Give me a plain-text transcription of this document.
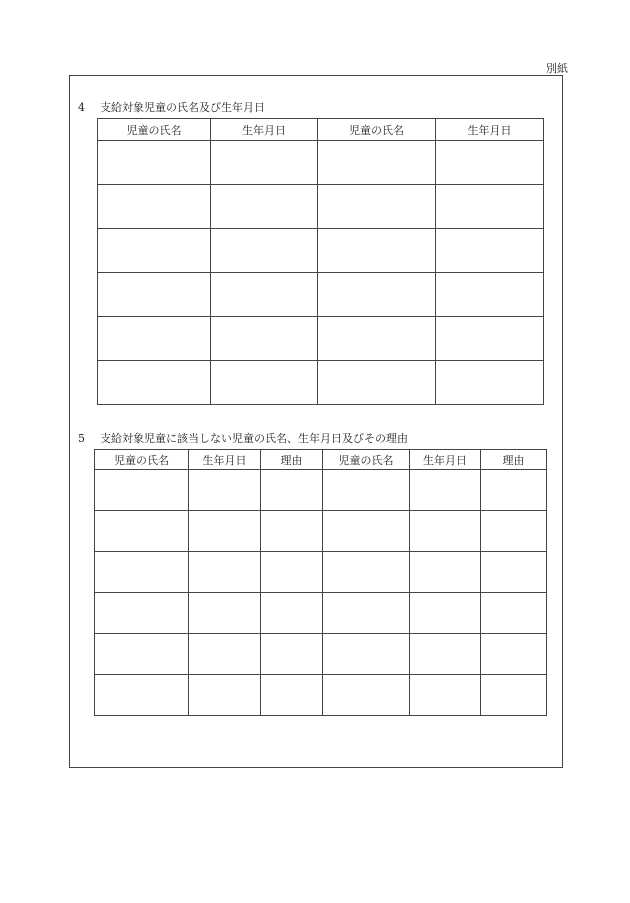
別紙
4 支給対象児童の氏名及び生年月日
児童の氏名	生年月日	児童の氏名	生年月日

5 支給対象児童に該当しない児童の氏名、生年月日及びその理由
児童の氏名	生年月日	理由	児童の氏名	生年月日	理由
